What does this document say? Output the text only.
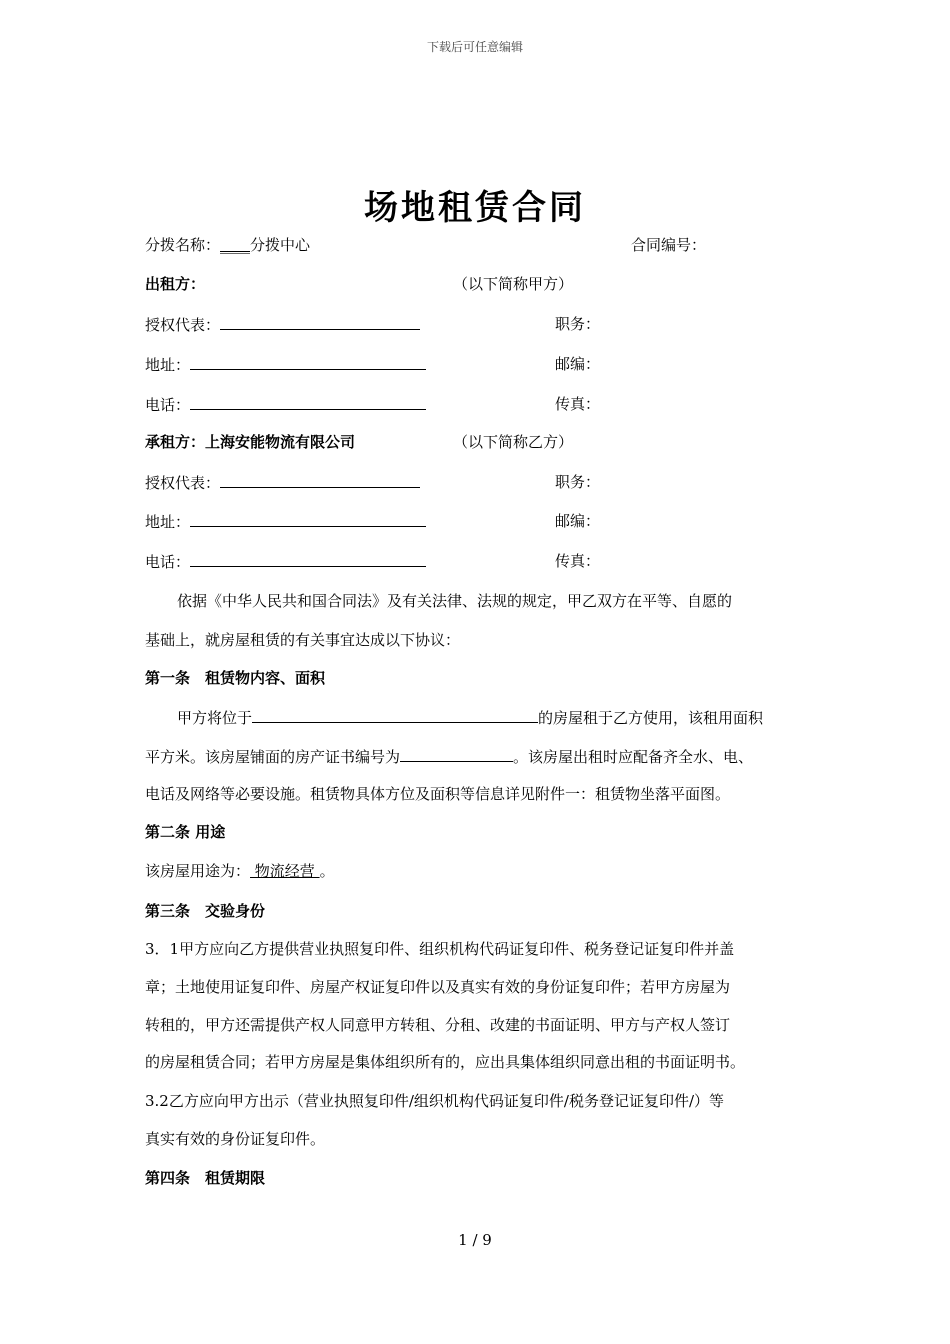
下载后可任意编辑
场地租赁合同
分拨名称：____分拨中心	合同编号：
出租方：	（以下简称甲方）
授权代表：	职务：
地址：	邮编：
电话：	传真：
承租方：上海安能物流有限公司	（以下简称乙方）
授权代表：	职务：
地址：	邮编：
电话：	传真：
依据《中华人民共和国合同法》及有关法律、法规的规定，甲乙双方在平等、自愿的
基础上，就房屋租赁的有关事宜达成以下协议：
第一条　租赁物内容、面积
甲方将位于	的房屋租于乙方使用，该租用面积
平方米。该房屋铺面的房产证书编号为	。该房屋出租时应配备齐全水、电、
电话及网络等必要设施。租赁物具体方位及面积等信息详见附件一：租赁物坐落平面图。
第二条 用途
该房屋用途为： 物流经营 。
第三条　交验身份
3．1甲方应向乙方提供营业执照复印件、组织机构代码证复印件、税务登记证复印件并盖
章；土地使用证复印件、房屋产权证复印件以及真实有效的身份证复印件；若甲方房屋为
转租的，甲方还需提供产权人同意甲方转租、分租、改建的书面证明、甲方与产权人签订
的房屋租赁合同；若甲方房屋是集体组织所有的，应出具集体组织同意出租的书面证明书。
3.2乙方应向甲方出示（营业执照复印件/组织机构代码证复印件/税务登记证复印件/）等
真实有效的身份证复印件。
第四条　租赁期限
1 / 9
